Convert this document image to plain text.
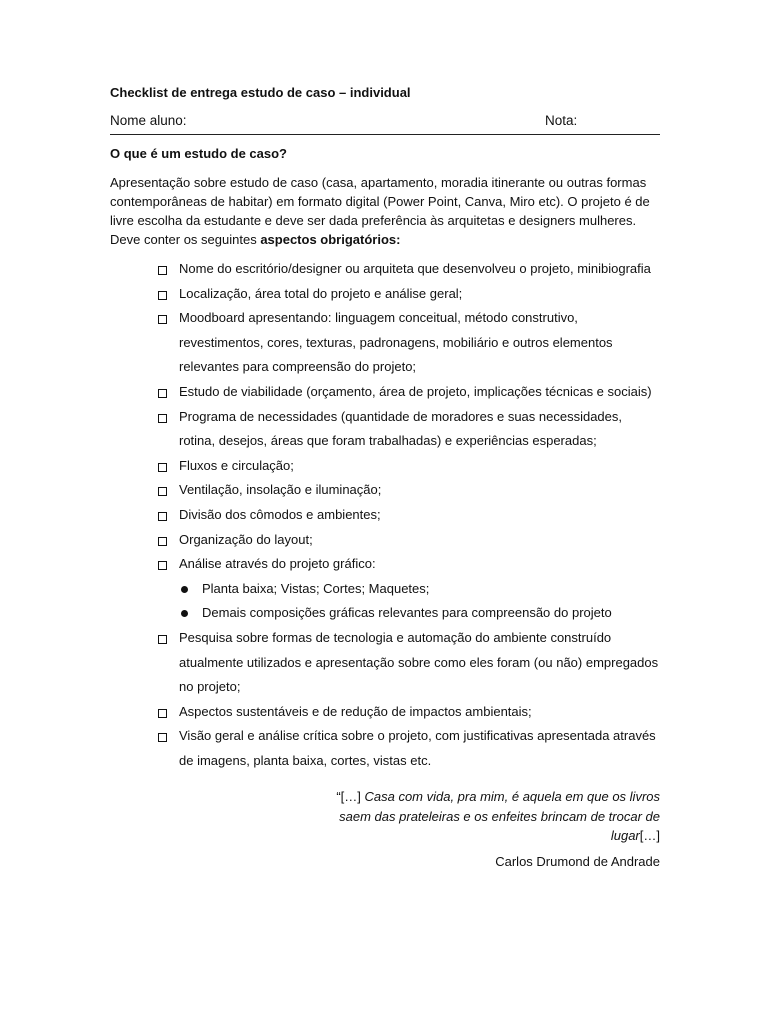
Checklist de entrega estudo de caso – individual

Nome aluno:	Nota:

O que é um estudo de caso?

Apresentação sobre estudo de caso (casa, apartamento, moradia itinerante ou outras formas contemporâneas de habitar) em formato digital (Power Point, Canva, Miro etc). O projeto é de livre escolha da estudante e deve ser dada preferência às arquitetas e designers mulheres. Deve conter os seguintes aspectos obrigatórios:
Nome do escritório/designer ou arquiteta que desenvolveu o projeto, minibiografia
Localização, área total do projeto e análise geral;
Moodboard apresentando: linguagem conceitual, método construtivo, revestimentos, cores, texturas, padronagens, mobiliário e outros elementos relevantes para compreensão do projeto;
Estudo de viabilidade (orçamento, área de projeto, implicações técnicas e sociais)
Programa de necessidades (quantidade de moradores e suas necessidades, rotina, desejos, áreas que foram trabalhadas) e experiências esperadas;
Fluxos e circulação;
Ventilação, insolação e iluminação;
Divisão dos cômodos e ambientes;
Organização do layout;
Análise através do projeto gráfico:
Planta baixa; Vistas; Cortes; Maquetes;
Demais composições gráficas relevantes para compreensão do projeto
Pesquisa sobre formas de tecnologia e automação do ambiente construído atualmente utilizados e apresentação sobre como eles foram (ou não) empregados no projeto;
Aspectos sustentáveis e de redução de impactos ambientais;
Visão geral e análise crítica sobre o projeto, com justificativas apresentada através de imagens, planta baixa, cortes, vistas etc.
“[…] Casa com vida, pra mim, é aquela em que os livros saem das prateleiras e os enfeites brincam de trocar de lugar[…]
Carlos Drumond de Andrade
